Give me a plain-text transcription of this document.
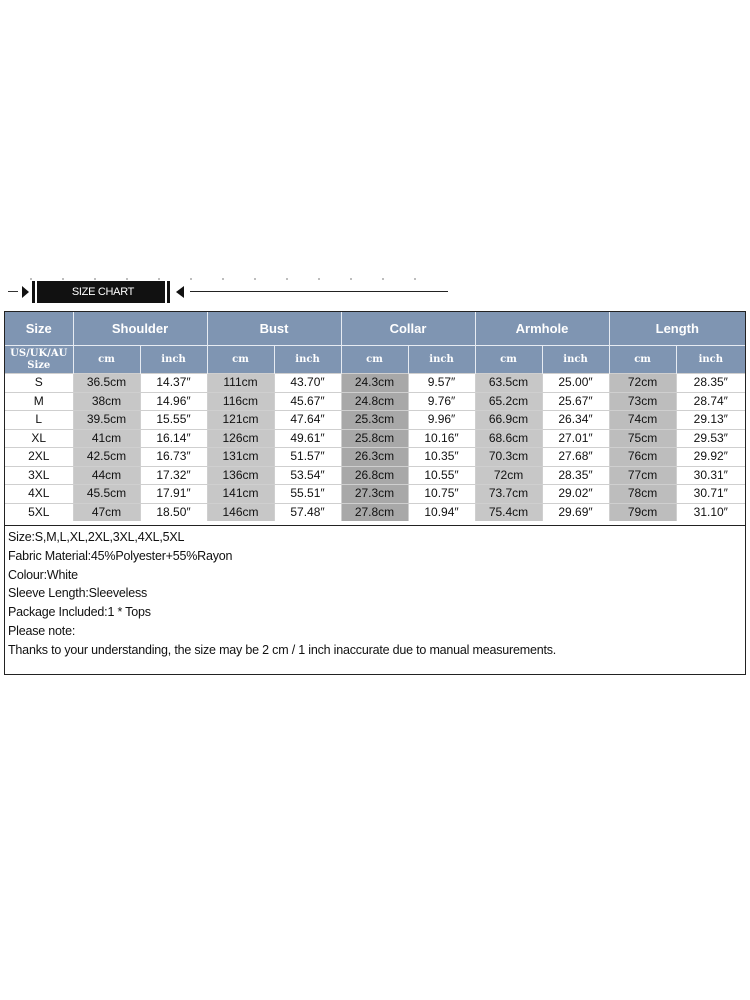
SIZE CHART
Size	Shoulder		Bust		Collar		Armhole		Length	
US/UK/AU
Size	cm	inch	cm	inch	cm	inch	cm	inch	cm	inch
S	36.5cm	14.37″	111cm	43.70″	24.3cm	9.57″	63.5cm	25.00″	72cm	28.35″
M	38cm	14.96″	116cm	45.67″	24.8cm	9.76″	65.2cm	25.67″	73cm	28.74″
L	39.5cm	15.55″	121cm	47.64″	25.3cm	9.96″	66.9cm	26.34″	74cm	29.13″
XL	41cm	16.14″	126cm	49.61″	25.8cm	10.16″	68.6cm	27.01″	75cm	29.53″
2XL	42.5cm	16.73″	131cm	51.57″	26.3cm	10.35″	70.3cm	27.68″	76cm	29.92″
3XL	44cm	17.32″	136cm	53.54″	26.8cm	10.55″	72cm	28.35″	77cm	30.31″
4XL	45.5cm	17.91″	141cm	55.51″	27.3cm	10.75″	73.7cm	29.02″	78cm	30.71″
5XL	47cm	18.50″	146cm	57.48″	27.8cm	10.94″	75.4cm	29.69″	79cm	31.10″
Size:S,M,L,XL,2XL,3XL,4XL,5XL
Fabric Material:45%Polyester+55%Rayon
Colour:White
Sleeve Length:Sleeveless
Package Included:1 * Tops
Please note:
Thanks to your understanding, the size may be 2 cm / 1 inch inaccurate due to manual measurements.
